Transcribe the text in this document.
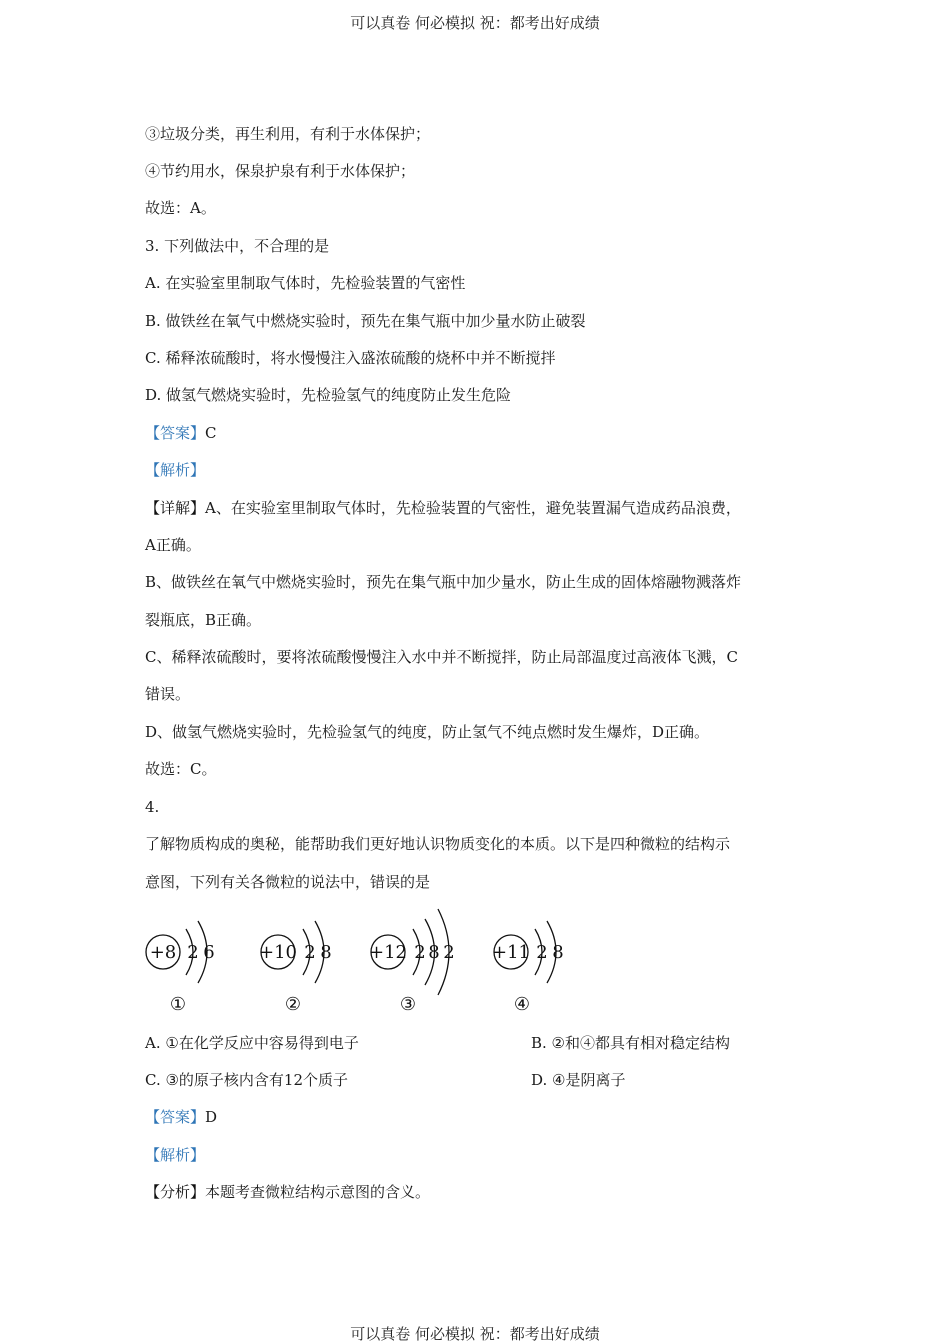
可以真卷 何必模拟 祝：都考出好成绩
③垃圾分类，再生利用，有利于水体保护；
④节约用水，保泉护泉有利于水体保护；
故选：A。
3. 下列做法中，不合理的是
A. 在实验室里制取气体时，先检验装置的气密性
B. 做铁丝在氧气中燃烧实验时，预先在集气瓶中加少量水防止破裂
C. 稀释浓硫酸时，将水慢慢注入盛浓硫酸的烧杯中并不断搅拌
D. 做氢气燃烧实验时，先检验氢气的纯度防止发生危险
【答案】C
【解析】
【详解】A、在实验室里制取气体时，先检验装置的气密性，避免装置漏气造成药品浪费，
A正确。
B、做铁丝在氧气中燃烧实验时，预先在集气瓶中加少量水，防止生成的固体熔融物溅落炸
裂瓶底，B正确。
C、稀释浓硫酸时，要将浓硫酸慢慢注入水中并不断搅拌，防止局部温度过高液体飞溅，C
错误。
D、做氢气燃烧实验时，先检验氢气的纯度，防止氢气不纯点燃时发生爆炸，D正确。
故选：C。
4.
了解物质构成的奥秘，能帮助我们更好地认识物质变化的本质。以下是四种微粒的结构示
意图，下列有关各微粒的说法中，错误的是
+8 2 6
①
+10 2 8
②
+12 2 8 2
③
+11 2 8
④
A. ①在化学反应中容易得到电子	B. ②和④都具有相对稳定结构
C. ③的原子核内含有12个质子	D. ④是阴离子
【答案】D
【解析】
【分析】本题考查微粒结构示意图的含义。
可以真卷 何必模拟 祝：都考出好成绩
